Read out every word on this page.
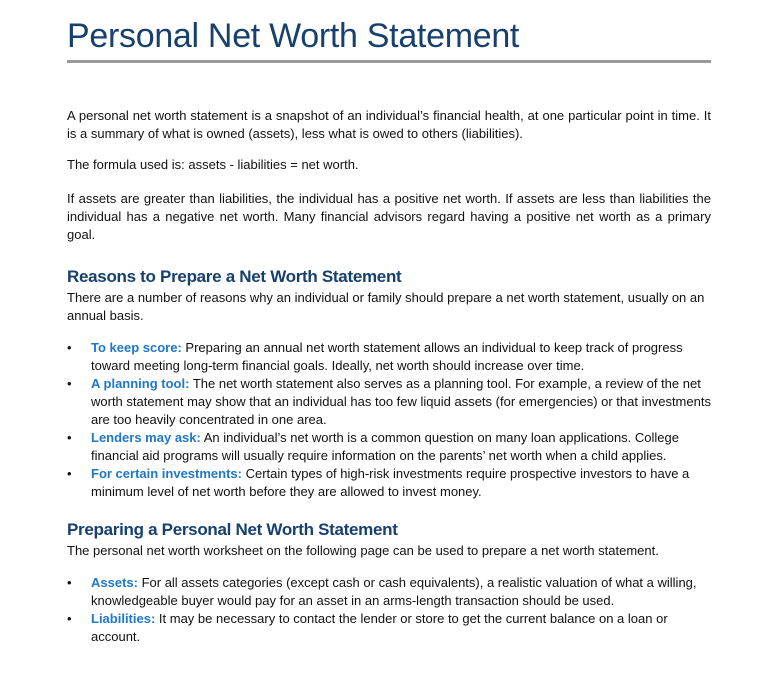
Personal Net Worth Statement

A personal net worth statement is a snapshot of an individual’s financial health, at one particular point in time. It is a summary of what is owned (assets), less what is owed to others (liabilities).

The formula used is: assets - liabilities = net worth.

If assets are greater than liabilities, the individual has a positive net worth. If assets are less than liabilities the individual has a negative net worth. Many financial advisors regard having a positive net worth as a primary goal.

Reasons to Prepare a Net Worth Statement

There are a number of reasons why an individual or family should prepare a net worth statement, usually on an annual basis.

•	To keep score: Preparing an annual net worth statement allows an individual to keep track of progress toward meeting long-term financial goals. Ideally, net worth should increase over time.
•	A planning tool: The net worth statement also serves as a planning tool. For example, a review of the net worth statement may show that an individual has too few liquid assets (for emergencies) or that investments are too heavily concentrated in one area.
•	Lenders may ask: An individual’s net worth is a common question on many loan applications. College financial aid programs will usually require information on the parents’ net worth when a child applies.
•	For certain investments: Certain types of high-risk investments require prospective investors to have a minimum level of net worth before they are allowed to invest money.
Preparing a Personal Net Worth Statement

The personal net worth worksheet on the following page can be used to prepare a net worth statement.

•	Assets: For all assets categories (except cash or cash equivalents), a realistic valuation of what a willing, knowledgeable buyer would pay for an asset in an arms-length transaction should be used.
•	Liabilities: It may be necessary to contact the lender or store to get the current balance on a loan or account.
